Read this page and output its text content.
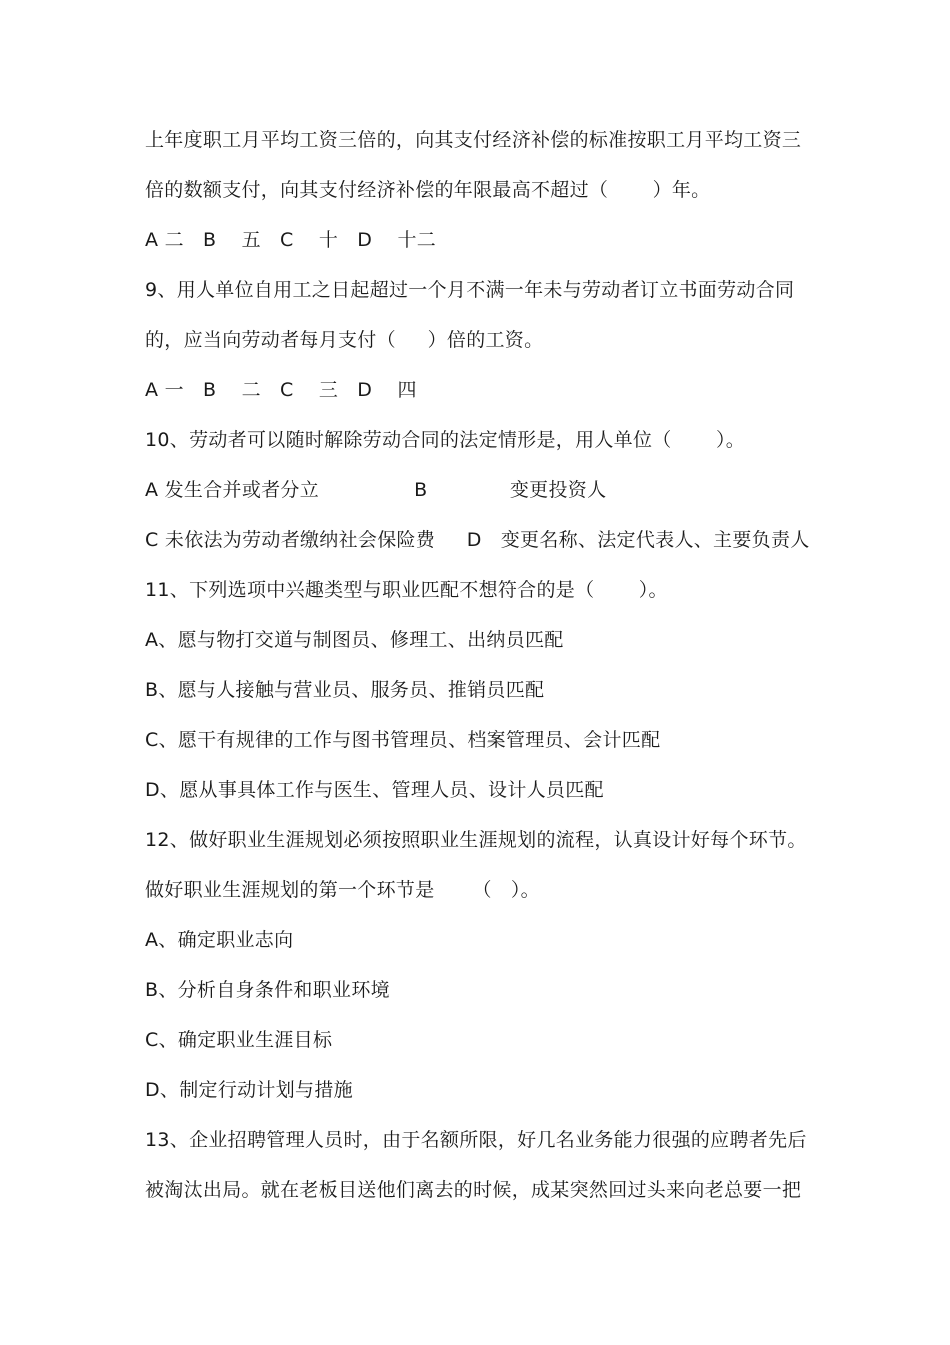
上年度职工月平均工资三倍的，向其支付经济补偿的标准按职工月平均工资三
倍的数额支付，向其支付经济补偿的年限最高不超过（       ）年。
A 二   B    五   C    十   D    十二
9、用人单位自用工之日起超过一个月不满一年未与劳动者订立书面劳动合同
的，应当向劳动者每月支付（     ）倍的工资。
A 一   B    二   C    三   D    四
10、劳动者可以随时解除劳动合同的法定情形是，用人单位（       ）。
A 发生合并或者分立               B             变更投资人
C 未依法为劳动者缴纳社会保险费     D   变更名称、法定代表人、主要负责人
11、下列选项中兴趣类型与职业匹配不想符合的是（       ）。
A、愿与物打交道与制图员、修理工、出纳员匹配
B、愿与人接触与营业员、服务员、推销员匹配
C、愿干有规律的工作与图书管理员、档案管理员、会计匹配
D、愿从事具体工作与医生、管理人员、设计人员匹配
12、做好职业生涯规划必须按照职业生涯规划的流程，认真设计好每个环节。
做好职业生涯规划的第一个环节是      （   ）。
A、确定职业志向
B、分析自身条件和职业环境
C、确定职业生涯目标
D、制定行动计划与措施
13、企业招聘管理人员时，由于名额所限，好几名业务能力很强的应聘者先后
被淘汰出局。就在老板目送他们离去的时候，成某突然回过头来向老总要一把
